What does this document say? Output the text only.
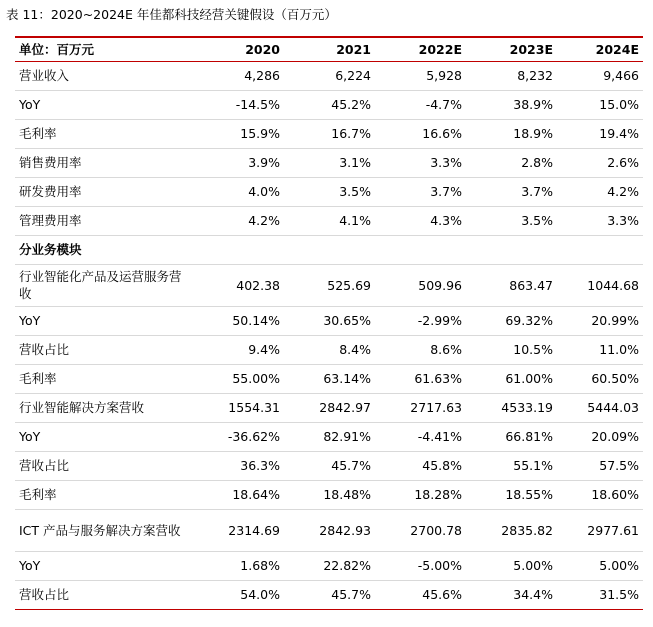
表 11：2020~2024E 年佳都科技经营关键假设（百万元）
单位：百万元	2020	2021	2022E	2023E	2024E
营业收入	4,286	6,224	5,928	8,232	9,466
YoY	-14.5%	45.2%	-4.7%	38.9%	15.0%
毛利率	15.9%	16.7%	16.6%	18.9%	19.4%
销售费用率	3.9%	3.1%	3.3%	2.8%	2.6%
研发费用率	4.0%	3.5%	3.7%	3.7%	4.2%
管理费用率	4.2%	4.1%	4.3%	3.5%	3.3%
分业务模块					
行业智能化产品及运营服务营收	402.38	525.69	509.96	863.47	1044.68
YoY	50.14%	30.65%	-2.99%	69.32%	20.99%
营收占比	9.4%	8.4%	8.6%	10.5%	11.0%
毛利率	55.00%	63.14%	61.63%	61.00%	60.50%
行业智能解决方案营收	1554.31	2842.97	2717.63	4533.19	5444.03
YoY	-36.62%	82.91%	-4.41%	66.81%	20.09%
营收占比	36.3%	45.7%	45.8%	55.1%	57.5%
毛利率	18.64%	18.48%	18.28%	18.55%	18.60%
ICT 产品与服务解决方案营收	2314.69	2842.93	2700.78	2835.82	2977.61
YoY	1.68%	22.82%	-5.00%	5.00%	5.00%
营收占比	54.0%	45.7%	45.6%	34.4%	31.5%
